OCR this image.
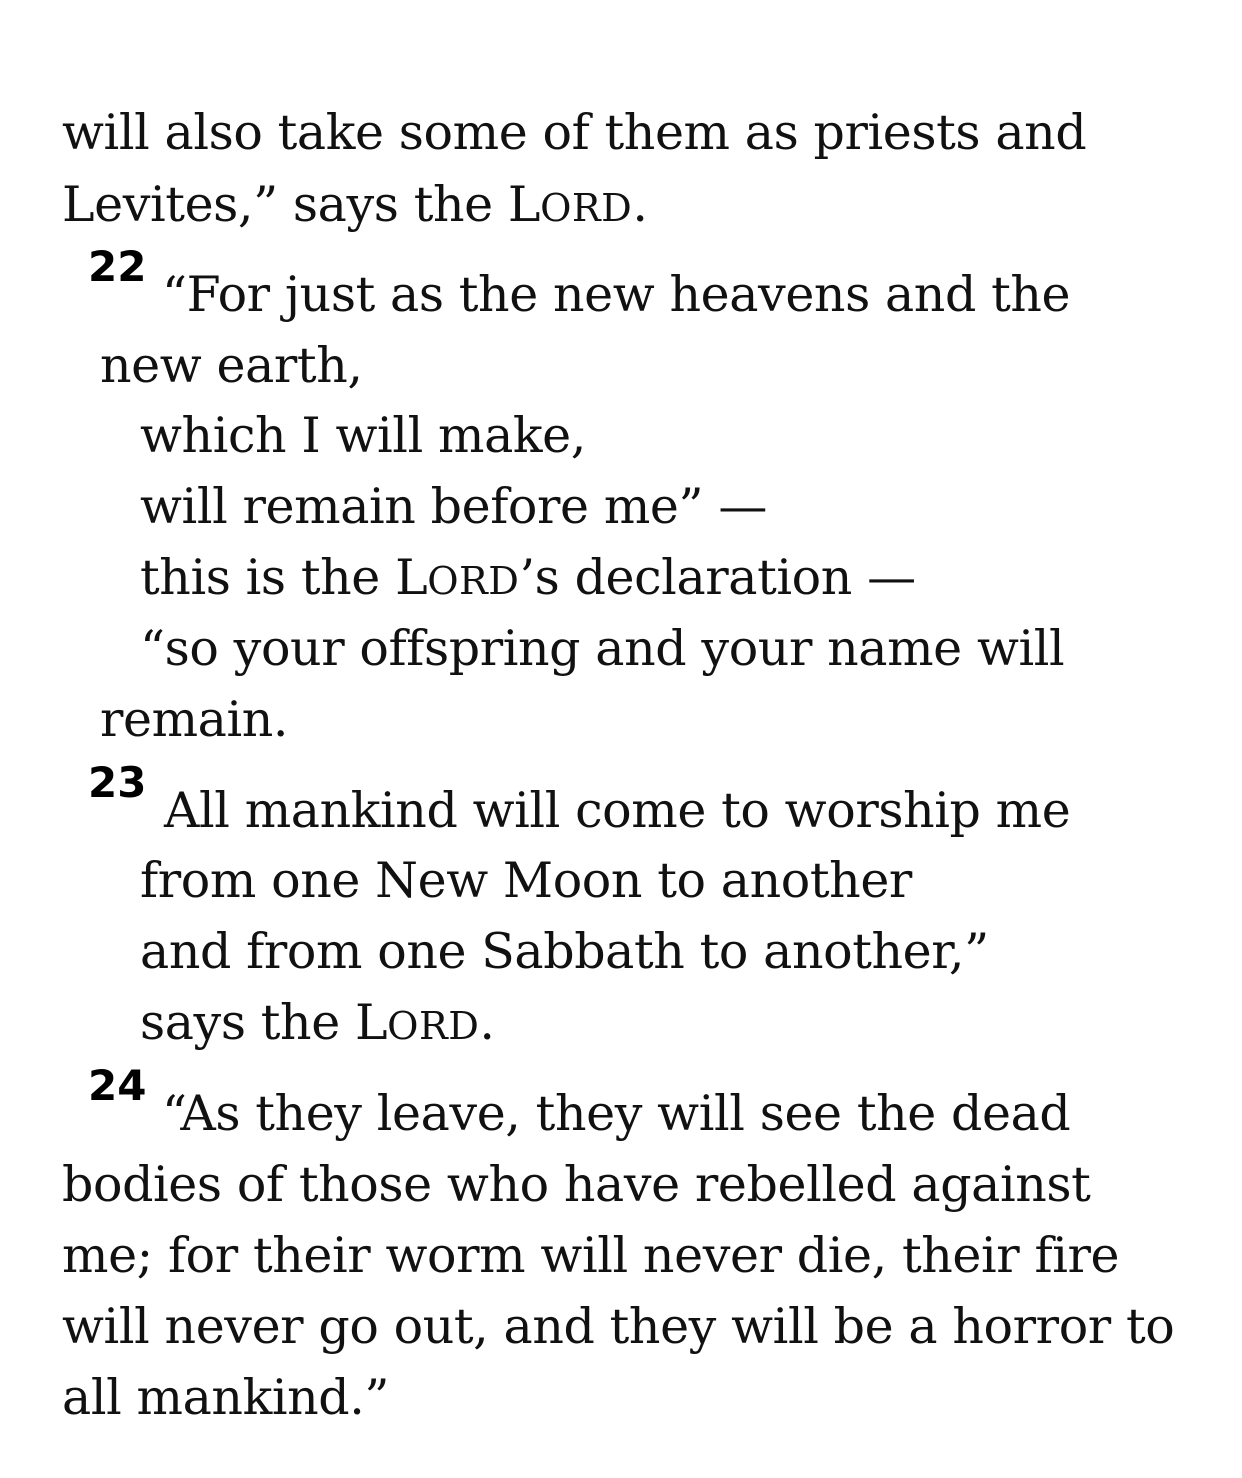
will also take some of them as priests and
Levites,” says the LORD.
22 “For just as the new heavens and the
new earth,
which I will make,
will remain before me” —
this is the LORD’s declaration —
“so your offspring and your name will
remain.
23 All mankind will come to worship me
from one New Moon to another
and from one Sabbath to another,”
says the LORD.
24 “As they leave, they will see the dead
bodies of those who have rebelled against
me; for their worm will never die, their fire
will never go out, and they will be a horror to
all mankind.”
